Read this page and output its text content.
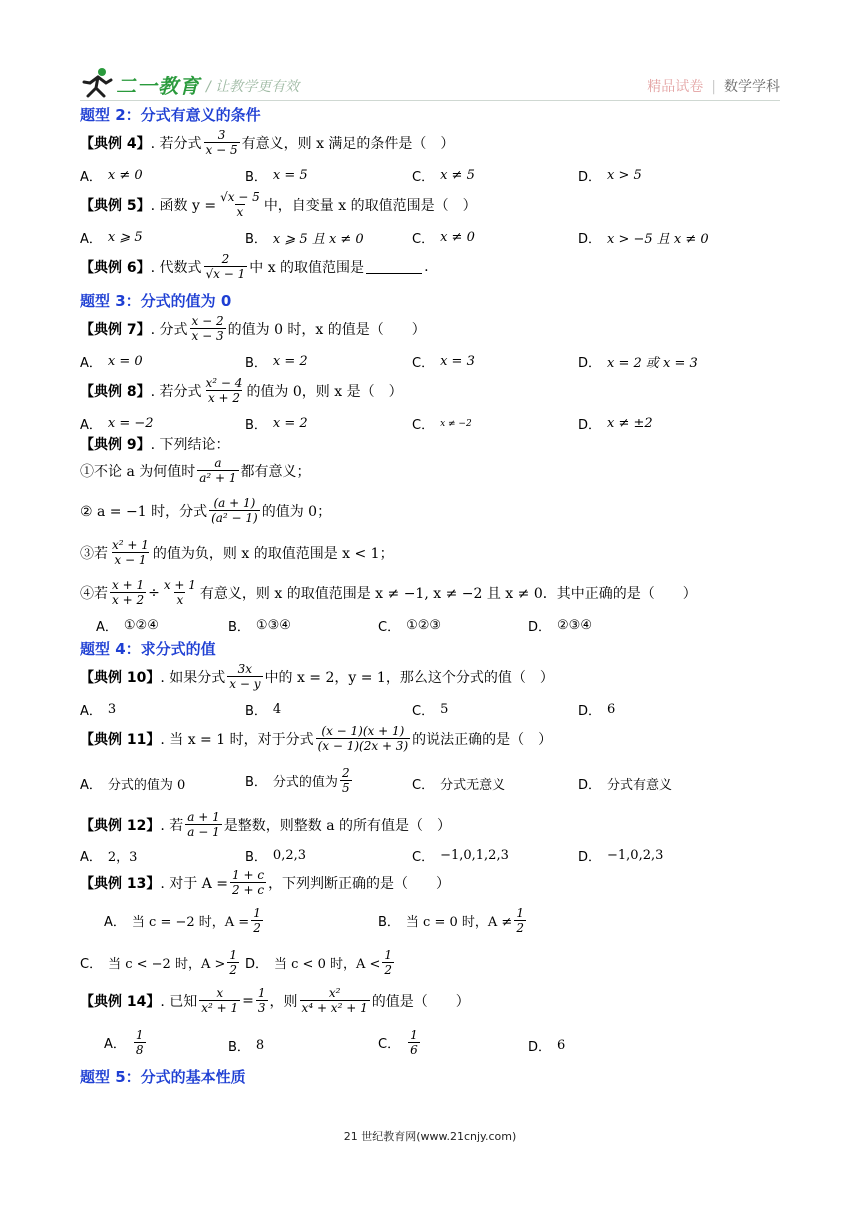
二一教育 / 让教学更有效	精品试卷 | 数学学科
题型 2：分式有意义的条件
【典例 4】 . 若分式 $\frac{3}{x - 5}$ 有意义，则 x 满足的条件是（　）
A． x ≠ 0	B． x = 5	C． x ≠ 5	D． x > 5
【典例 5】 . 函数 $y = \frac{√x - 5}{x}$ 中，自变量 x 的取值范围是（　）
A． x ⩾ 5	B． x ⩾ 5 且 x ≠ 0	C． x ≠ 0	D． x > −5 且 x ≠ 0
【典例 6】 . 代数式 $\frac{2}{√x - 1}$ 中 x 的取值范围是	.
题型 3：分式的值为 0
【典例 7】 . 分式 $\frac{x - 2}{x - 3}$ 的值为 0 时，x 的值是（　　）
A． x = 0	B． x = 2	C． x = 3	D． x = 2 或 x = 3
【典例 8】 . 若分式 $\frac{\text{x² − 4}}{x + 2}$ 的值为 0，则 x 是（　）
A． x = −2	B． x = 2	C． x ≠ −2	D． x ≠ ±2
【典例 9】 . 下列结论：
①不论 a 为何值时 $\frac{a}{\text{a² + 1}}$ 都有意义；
② a = −1 时，分式 $\frac{(a + 1)}{\text{(a² − 1)}}$ 的值为 0；
③若 $\frac{\text{x² + 1}}{x - 1}$ 的值为负，则 x 的取值范围是 x < 1；
④若 $\frac{x + 1}{x + 2} \div \frac{x + 1}{x}$ 有意义，则 x 的取值范围是 x ≠ −1, x ≠ −2 且 x ≠ 0．其中正确的是（　　）
A． ①②④	B． ①③④	C． ①②③	D． ②③④
题型 4：求分式的值
【典例 10】 . 如果分式 $\frac{3x}{x - y}$ 中的 x = 2，y = 1，那么这个分式的值（　）
A． 3	B． 4	C． 5	D． 6
【典例 11】 . 当 x = 1 时，对于分式 $\frac{(x - 1)(x + 1)}{(x - 1)(2x + 3)}$ 的说法正确的是（　）
A． 分式的值为 0	B． 分式的值为 $\frac{2}{5}$	C． 分式无意义	D． 分式有意义
【典例 12】 . 若 $\frac{a + 1}{a - 1}$ 是整数，则整数 a 的所有值是（　）
A． 2，3	B． 0,2,3	C． −1,0,1,2,3	D． −1,0,2,3
【典例 13】 . 对于 $A = \frac{1 + c}{2 + c}$ ，下列判断正确的是（　　）
A． 当 c = −2 时，$A = \frac{1}{2}$	B． 当 c = 0 时，$A \ne \frac{1}{2}$
C． 当 c < −2 时，$A > \frac{1}{2}$ D． 当 c < 0 时，$A < \frac{1}{2}$
【典例 14】 . 已知 $\frac{x}{\text{x² + 1}} = \frac{1}{3}$ ，则 $\frac{\text{x²}}{\text{x⁴ + x² + 1}}$ 的值是（　　）
A． $\frac{1}{8}$	B． 8	C． $\frac{1}{6}$	D． 6
题型 5：分式的基本性质
21 世纪教育网(www.21cnjy.com)
